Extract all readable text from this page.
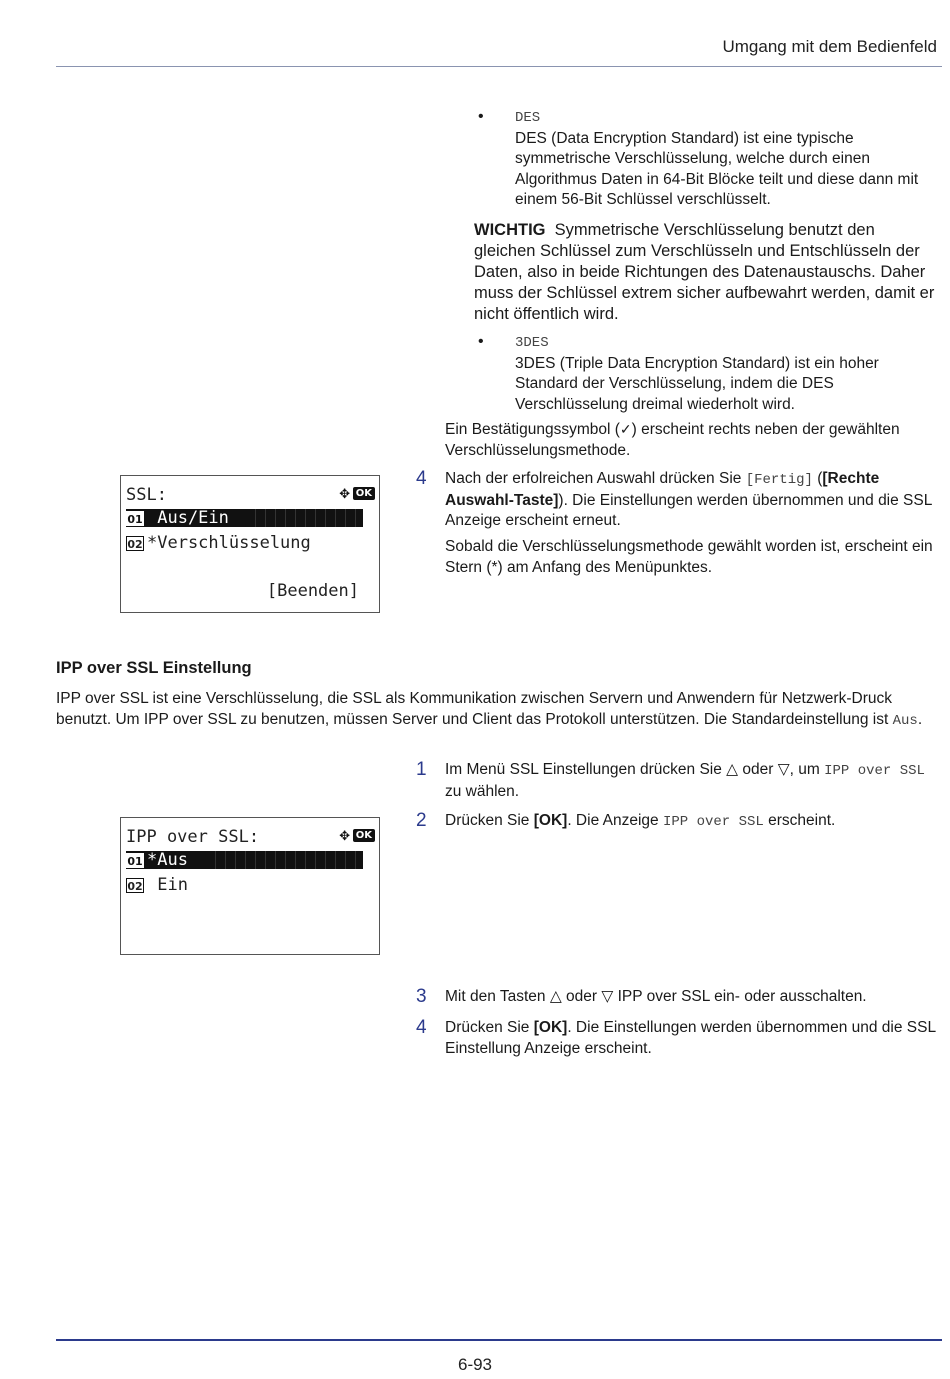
Umgang mit dem Bedienfeld
• DES
DES (Data Encryption Standard) ist eine typische symmetrische Verschlüsselung, welche durch einen Algorithmus Daten in 64-Bit Blöcke teilt und diese dann mit einem 56-Bit Schlüssel verschlüsselt.
WICHTIG Symmetrische Verschlüsselung benutzt den gleichen Schlüssel zum Verschlüsseln und Entschlüsseln der Daten, also in beide Richtungen des Datenaustauschs. Daher muss der Schlüssel extrem sicher aufbewahrt werden, damit er nicht öffentlich wird.
• 3DES
3DES (Triple Data Encryption Standard) ist ein hoher Standard der Verschlüsselung, indem die DES Verschlüsselung dreimal wiederholt wird.
Ein Bestätigungssymbol (✓) erscheint rechts neben der gewählten Verschlüsselungsmethode.
SSL:	✥ OK
01 Aus/Ein
02 *Verschlüsselung
[Beenden]
4 Nach der erfolreichen Auswahl drücken Sie [Fertig] ([Rechte Auswahl-Taste]). Die Einstellungen werden übernommen und die SSL Anzeige erscheint erneut.
Sobald die Verschlüsselungsmethode gewählt worden ist, erscheint ein Stern (*) am Anfang des Menüpunktes.
IPP over SSL Einstellung
IPP over SSL ist eine Verschlüsselung, die SSL als Kommunikation zwischen Servern und Anwendern für Netzwerk-Druck benutzt. Um IPP over SSL zu benutzen, müssen Server und Client das Protokoll unterstützen. Die Standardeinstellung ist Aus.
1 Im Menü SSL Einstellungen drücken Sie △ oder ▽, um IPP over SSL zu wählen.
2 Drücken Sie [OK]. Die Anzeige IPP over SSL erscheint.
IPP over SSL:	✥ OK
01 *Aus
02 Ein
3 Mit den Tasten △ oder ▽ IPP over SSL ein- oder ausschalten.
4 Drücken Sie [OK]. Die Einstellungen werden übernommen und die SSL Einstellung Anzeige erscheint.
6-93
